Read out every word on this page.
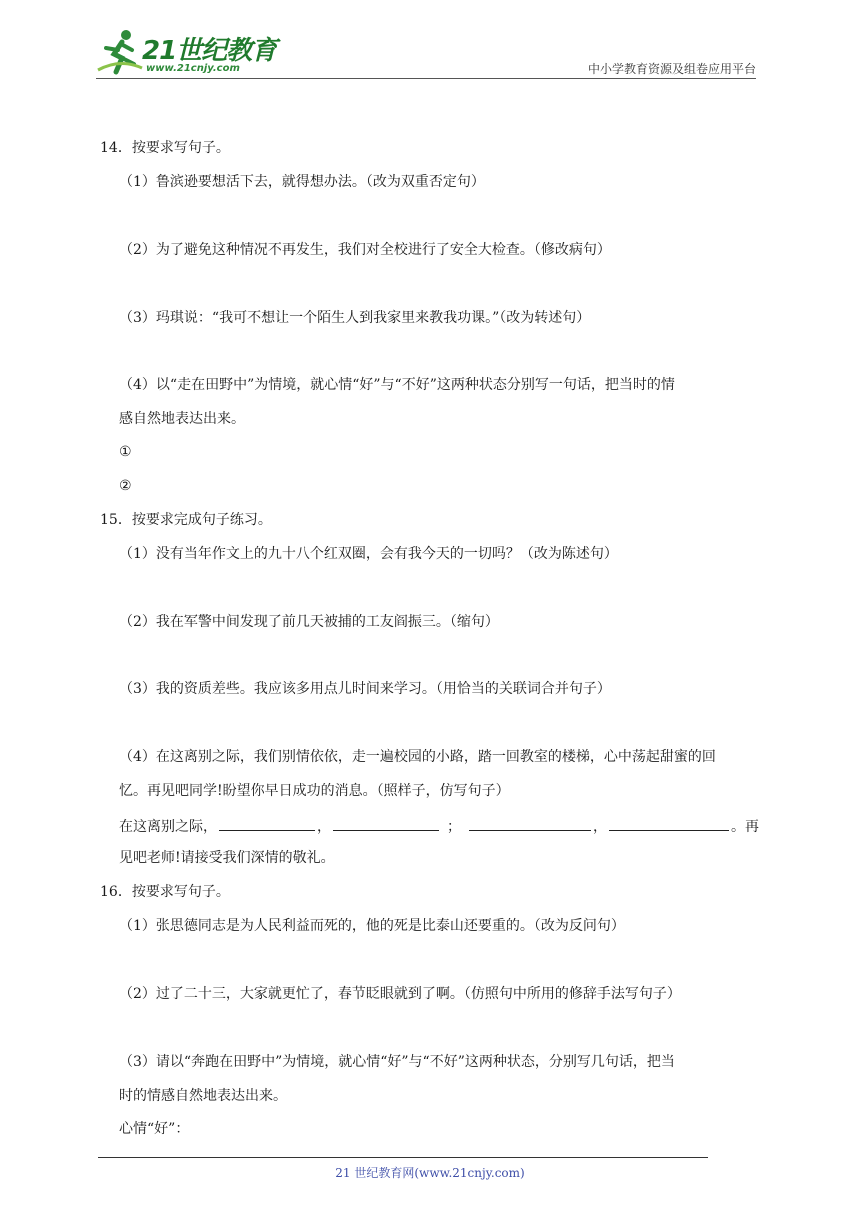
21世纪教育
www.21cnjy.com	中小学教育资源及组卷应用平台
14．按要求写句子。
（1）鲁滨逊要想活下去，就得想办法。（改为双重否定句）
（2）为了避免这种情况不再发生，我们对全校进行了安全大检查。（修改病句）
（3）玛琪说：“我可不想让一个陌生人到我家里来教我功课。”（改为转述句）
（4）以“走在田野中”为情境，就心情“好”与“不好”这两种状态分别写一句话，把当时的情
感自然地表达出来。
①
②
15．按要求完成句子练习。
（1）没有当年作文上的九十八个红双圈，会有我今天的一切吗？（改为陈述句）
（2）我在军警中间发现了前几天被捕的工友阎振三。（缩句）
（3）我的资质差些。我应该多用点儿时间来学习。（用恰当的关联词合并句子）
（4）在这离别之际，我们别情依依，走一遍校园的小路，踏一回教室的楼梯，心中荡起甜蜜的回
忆。再见吧同学!盼望你早日成功的消息。（照样子，仿写句子）
在这离别之际，	，	；	，	。再
见吧老师!请接受我们深情的敬礼。
16．按要求写句子。
（1）张思德同志是为人民利益而死的，他的死是比泰山还要重的。（改为反问句）
（2）过了二十三，大家就更忙了，春节眨眼就到了啊。（仿照句中所用的修辞手法写句子）
（3）请以“奔跑在田野中”为情境，就心情“好”与“不好”这两种状态，分别写几句话，把当
时的情感自然地表达出来。
心情“好”：
21 世纪教育网(www.21cnjy.com)
